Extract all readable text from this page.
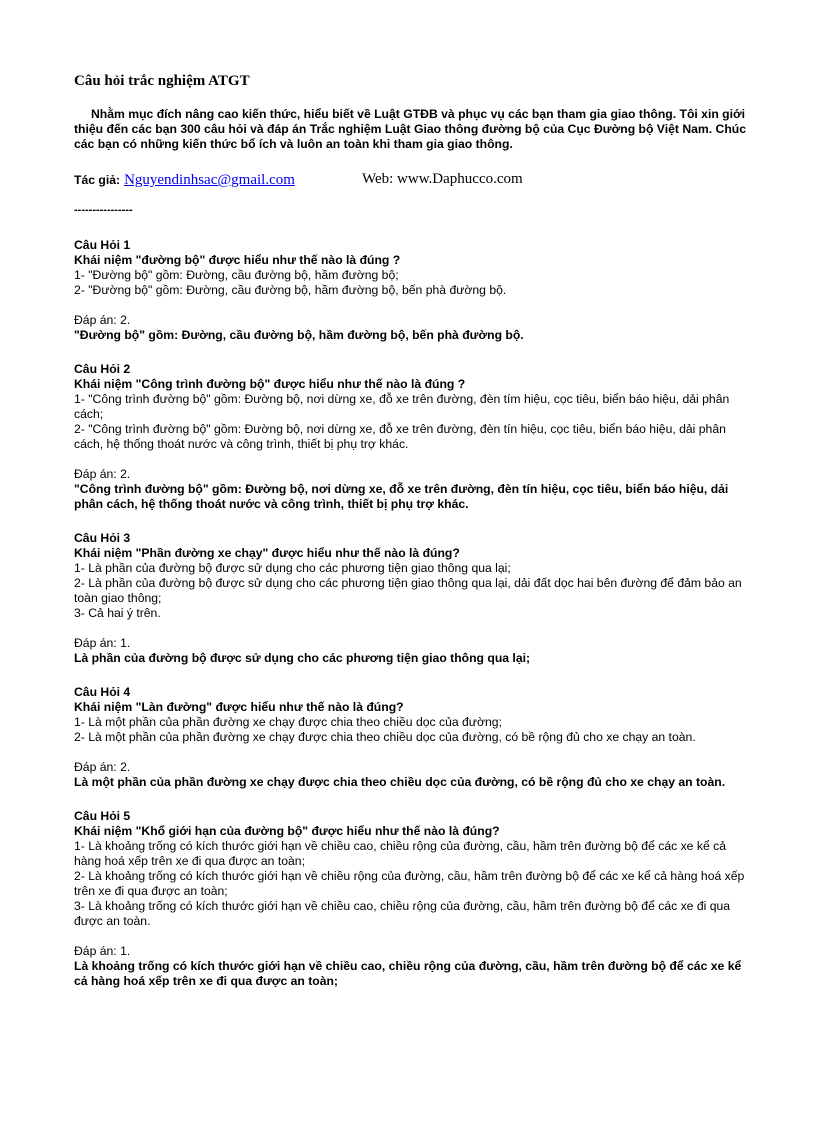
Câu hỏi trắc nghiệm ATGT
Nhằm mục đích nâng cao kiến thức, hiểu biết về Luật GTĐB và phục vụ các bạn tham gia giao thông. Tôi xin giới thiệu đến các bạn 300 câu hỏi và đáp án Trắc nghiệm Luật Giao thông đường bộ của Cục Đường bộ Việt Nam. Chúc các bạn có những kiến thức bổ ích và luôn an toàn khi tham gia giao thông.
Tác giả: Nguyendinhsac@gmail.com	Web: www.Daphucco.com
----------------
Câu Hỏi 1
Khái niệm "đường bộ" được hiểu như thế nào là đúng ?
1- "Đường bộ" gồm: Đường, cầu đường bộ, hầm đường bộ;
2- "Đường bộ" gồm: Đường, cầu đường bộ, hầm đường bộ, bến phà đường bộ.
Đáp án: 2.
"Đường bộ" gồm: Đường, cầu đường bộ, hầm đường bộ, bến phà đường bộ.
Câu Hỏi 2
Khái niệm "Công trình đường bộ" được hiểu như thế nào là đúng ?
1- "Công trình đường bộ" gồm: Đường bộ, nơi dừng xe, đỗ xe trên đường, đèn tím hiệu, cọc tiêu, biển báo hiệu, dải phân cách;
2- "Công trình đường bộ" gồm: Đường bộ, nơi dừng xe, đỗ xe trên đường, đèn tín hiệu, cọc tiêu, biển báo hiệu, dải phân cách, hệ thống thoát nước và công trình, thiết bị phụ trợ khác.
Đáp án: 2.
"Công trình đường bộ" gồm: Đường bộ, nơi dừng xe, đỗ xe trên đường, đèn tín hiệu, cọc tiêu, biển báo hiệu, dải phân cách, hệ thống thoát nước và công trình, thiết bị phụ trợ khác.
Câu Hỏi 3
Khái niệm "Phần đường xe chạy" được hiểu như thế nào là đúng?
1- Là phần của đường bộ được sử dụng cho các phương tiện giao thông qua lại;
2- Là phần của đường bộ được sử dụng cho các phương tiện giao thông qua lại, dải đất dọc hai bên đường để đảm bảo an toàn giao thông;
3- Cả hai ý trên.
Đáp án: 1.
Là phần của đường bộ được sử dụng cho các phương tiện giao thông qua lại;
Câu Hỏi 4
Khái niệm "Làn đường" được hiểu như thế nào là đúng?
1- Là một phần của phần đường xe chạy được chia theo chiều dọc của đường;
2- Là một phần của phần đường xe chạy được chia theo chiều dọc của đường, có bề rộng đủ cho xe chạy an toàn.
Đáp án: 2.
Là một phần của phần đường xe chạy được chia theo chiều dọc của đường, có bề rộng đủ cho xe chạy an toàn.
Câu Hỏi 5
Khái niệm "Khổ giới hạn của đường bộ" được hiểu như thế nào là đúng?
1- Là khoảng trống có kích thước giới hạn về chiều cao, chiều rộng của đường, cầu, hầm trên đường bộ để các xe kể cả hàng hoá xếp trên xe đi qua được an toàn;
2- Là khoảng trống có kích thước giới hạn về chiều rộng của đường, cầu, hầm trên đường bộ để các xe kể cả hàng hoá xếp trên xe đi qua được an toàn;
3- Là khoảng trống có kích thước giới hạn về chiều cao, chiều rộng của đường, cầu, hầm trên đường bộ để các xe đi qua được an toàn.
Đáp án: 1.
Là khoảng trống có kích thước giới hạn về chiều cao, chiều rộng của đường, cầu, hầm trên đường bộ để các xe kể cả hàng hoá xếp trên xe đi qua được an toàn;
